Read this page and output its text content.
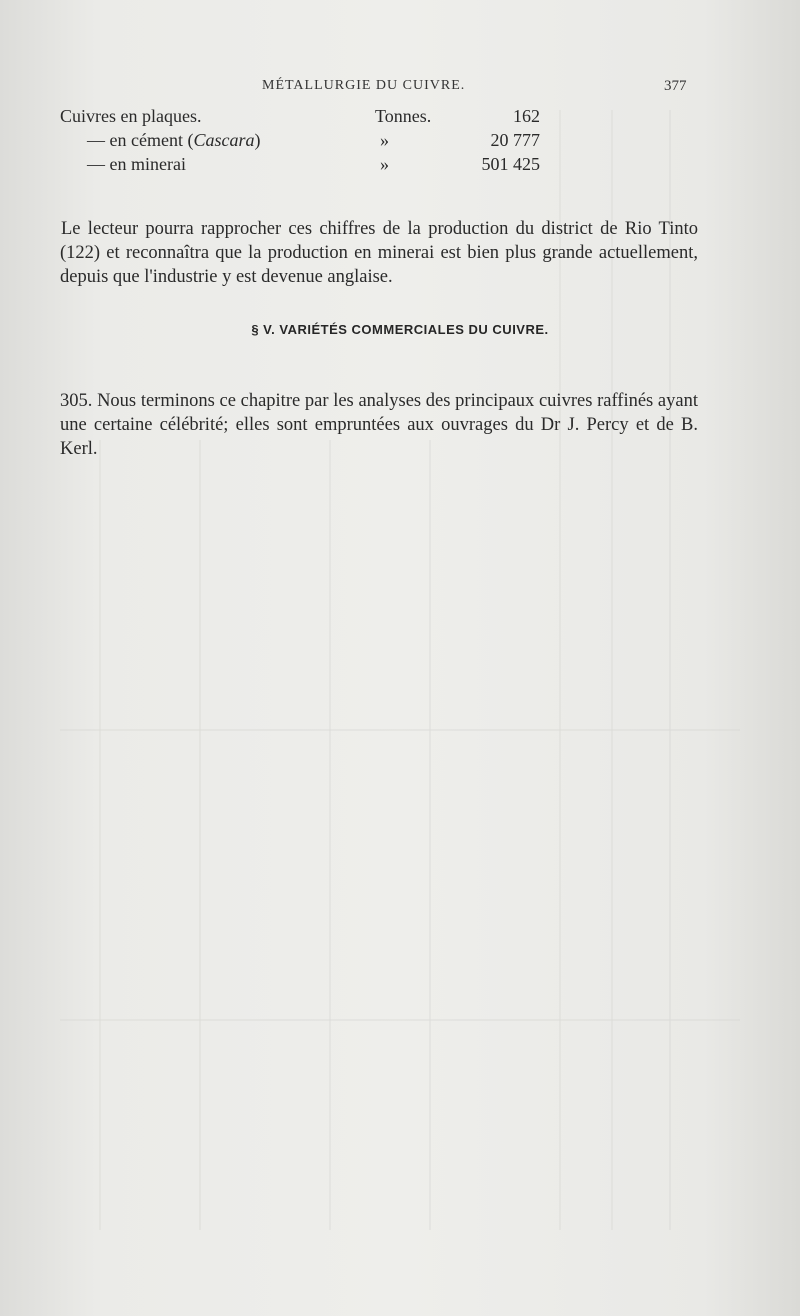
MÉTALLURGIE DU CUIVRE.	377
Cuivres en plaques.	Tonnes.	162
— en cément (Cascara)	»	20 777
— en minerai	»	501 425

Le lecteur pourra rapprocher ces chiffres de la production du district de Rio Tinto (122) et reconnaîtra que la production en minerai est bien plus grande actuellement, depuis que l'industrie y est devenue anglaise.

§ V. VARIÉTÉS COMMERCIALES DU CUIVRE.

305. Nous terminons ce chapitre par les analyses des principaux cuivres raffinés ayant une certaine célébrité; elles sont empruntées aux ouvrages du Dr J. Percy et de B. Kerl.
